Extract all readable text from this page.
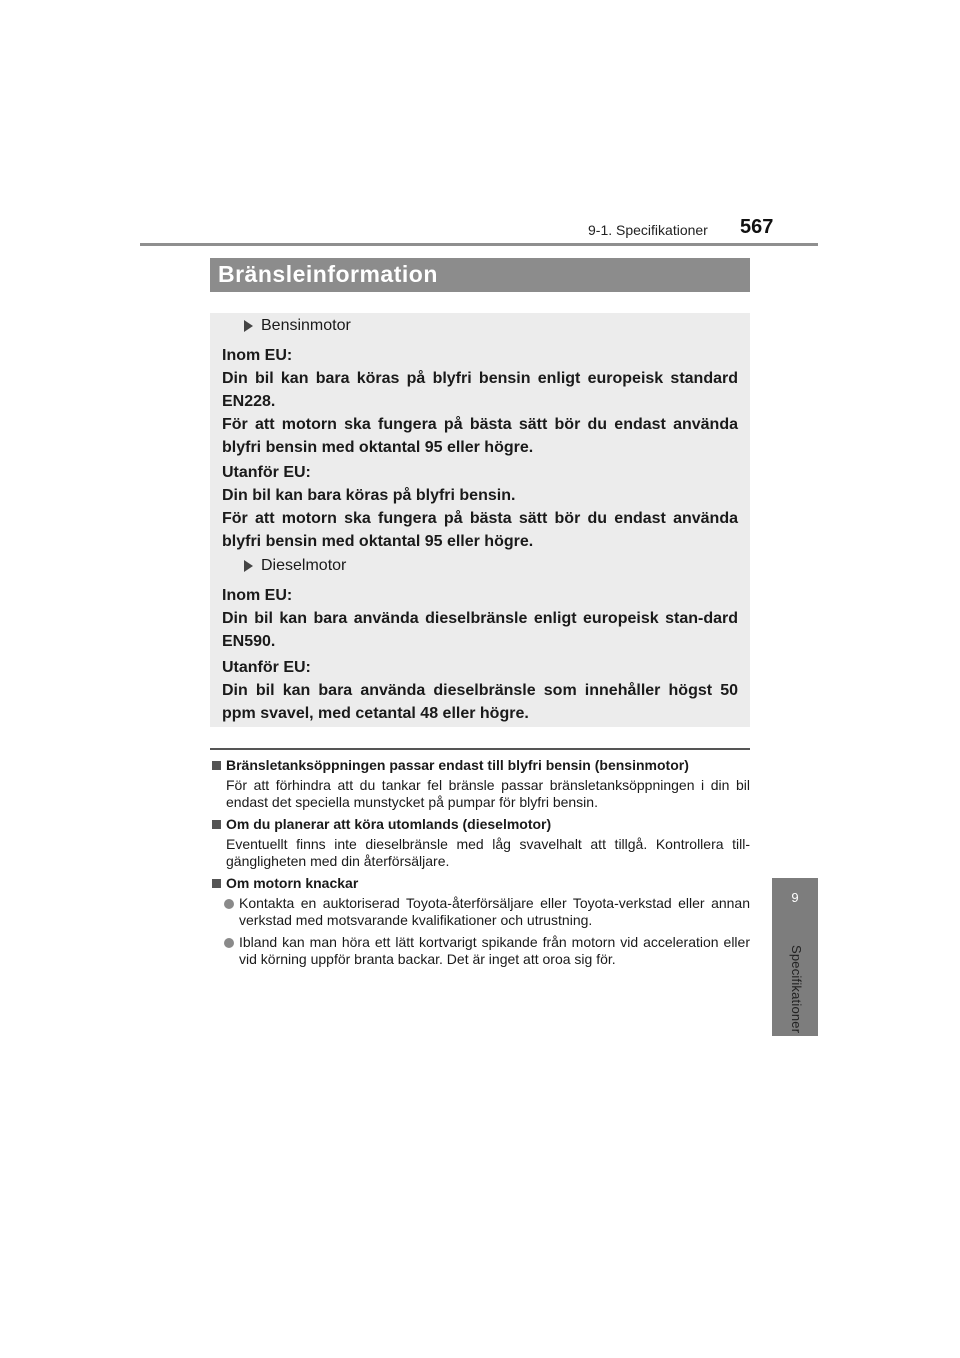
9-1. Specifikationer 567
9
Specifikationer
Bränsleinformation
Bensinmotor

Inom EU:

Din bil kan bara köras på blyfri bensin enligt europeisk standard EN228.

För att motorn ska fungera på bästa sätt bör du endast använda blyfri bensin med oktantal 95 eller högre.

Utanför EU:

Din bil kan bara köras på blyfri bensin.

För att motorn ska fungera på bästa sätt bör du endast använda blyfri bensin med oktantal 95 eller högre.

Dieselmotor

Inom EU:

Din bil kan bara använda dieselbränsle enligt europeisk stan-dard EN590.

Utanför EU:

Din bil kan bara använda dieselbränsle som innehåller högst 50 ppm svavel, med cetantal 48 eller högre.

Bränsletanksöppningen passar endast till blyfri bensin (bensinmotor)

För att förhindra att du tankar fel bränsle passar bränsletanksöppningen i din bil endast det speciella munstycket på pumpar för blyfri bensin.

Om du planerar att köra utomlands (dieselmotor)

Eventuellt finns inte dieselbränsle med låg svavelhalt att tillgå. Kontrollera till-gängligheten med din återförsäljare.

Om motorn knackar

Kontakta en auktoriserad Toyota-återförsäljare eller Toyota-verkstad eller annan verkstad med motsvarande kvalifikationer och utrustning.
Ibland kan man höra ett lätt kortvarigt spikande från motorn vid acceleration eller vid körning uppför branta backar. Det är inget att oroa sig för.
